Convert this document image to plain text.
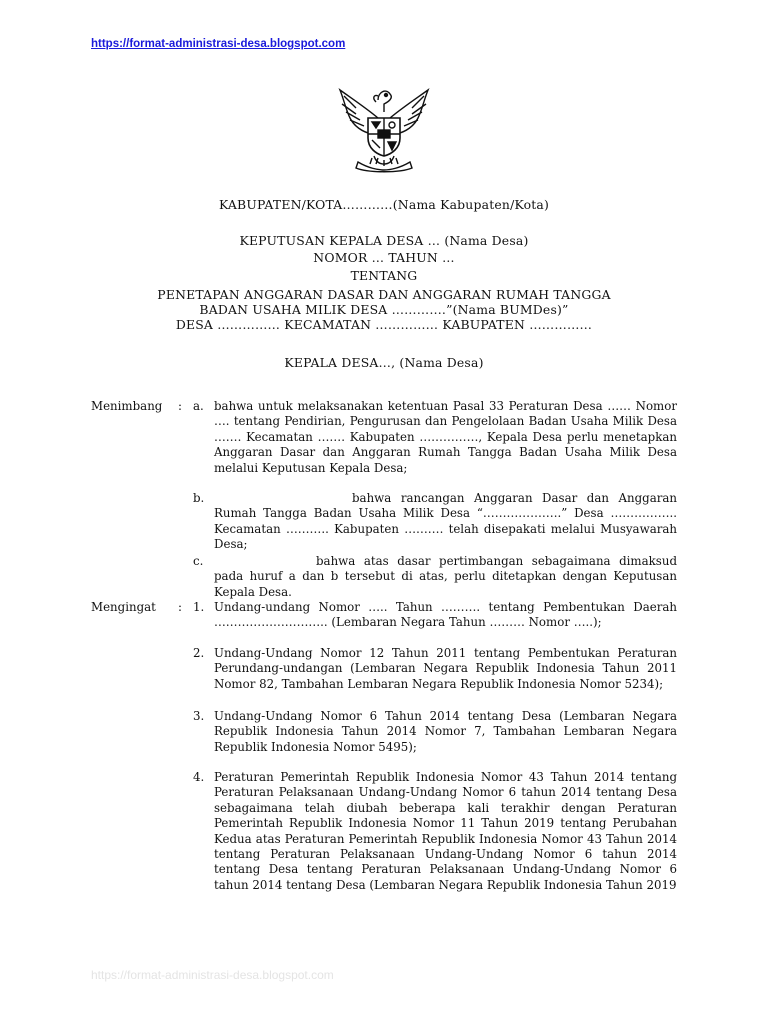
https://format-administrasi-desa.blogspot.com
KABUPATEN/KOTA…………(Nama Kabupaten/Kota)
KEPUTUSAN KEPALA DESA … (Nama Desa)
NOMOR … TAHUN …
TENTANG
PENETAPAN ANGGARAN DASAR DAN ANGGARAN RUMAH TANGGA
BADAN USAHA MILIK DESA ………….”(Nama BUMDes)”
DESA …………… KECAMATAN …………… KABUPATEN ……………
KEPALA DESA…, (Nama Desa)
Menimbang : a. bahwa untuk melaksanakan ketentuan Pasal 33 Peraturan Desa …… Nomor …. tentang Pendirian, Pengurusan dan Pengelolaan Badan Usaha Milik Desa ……. Kecamatan ……. Kabupaten ……………, Kepala Desa perlu menetapkan Anggaran Dasar dan Anggaran Rumah Tangga Badan Usaha Milik Desa melalui Keputusan Kepala Desa;
b.	bahwa rancangan Anggaran Dasar dan Anggaran Rumah Tangga Badan Usaha Milik Desa “………………..” Desa …………….. Kecamatan ……….. Kabupaten ………. telah disepakati melalui Musyawarah Desa;
c.	bahwa atas dasar pertimbangan sebagaimana dimaksud pada huruf a dan b tersebut di atas, perlu ditetapkan dengan Keputusan Kepala Desa.
Mengingat : 1. Undang-undang Nomor ….. Tahun ………. tentang Pembentukan Daerah ……………………….. (Lembaran Negara Tahun ……… Nomor …..);
2. Undang-Undang Nomor 12 Tahun 2011 tentang Pembentukan Peraturan Perundang-undangan (Lembaran Negara Republik Indonesia Tahun 2011 Nomor 82, Tambahan Lembaran Negara Republik Indonesia Nomor 5234);
3. Undang-Undang Nomor 6 Tahun 2014 tentang Desa (Lembaran Negara Republik Indonesia Tahun 2014 Nomor 7, Tambahan Lembaran Negara Republik Indonesia Nomor 5495);
4. Peraturan Pemerintah Republik Indonesia Nomor 43 Tahun 2014 tentang Peraturan Pelaksanaan Undang-Undang Nomor 6 tahun 2014 tentang Desa sebagaimana telah diubah beberapa kali terakhir dengan Peraturan Pemerintah Republik Indonesia Nomor 11 Tahun 2019 tentang Perubahan Kedua atas Peraturan Pemerintah Republik Indonesia Nomor 43 Tahun 2014 tentang Peraturan Pelaksanaan Undang-Undang Nomor 6 tahun 2014 tentang Desa tentang Peraturan Pelaksanaan Undang-Undang Nomor 6 tahun 2014 tentang Desa (Lembaran Negara Republik Indonesia Tahun 2019
https://format-administrasi-desa.blogspot.com
